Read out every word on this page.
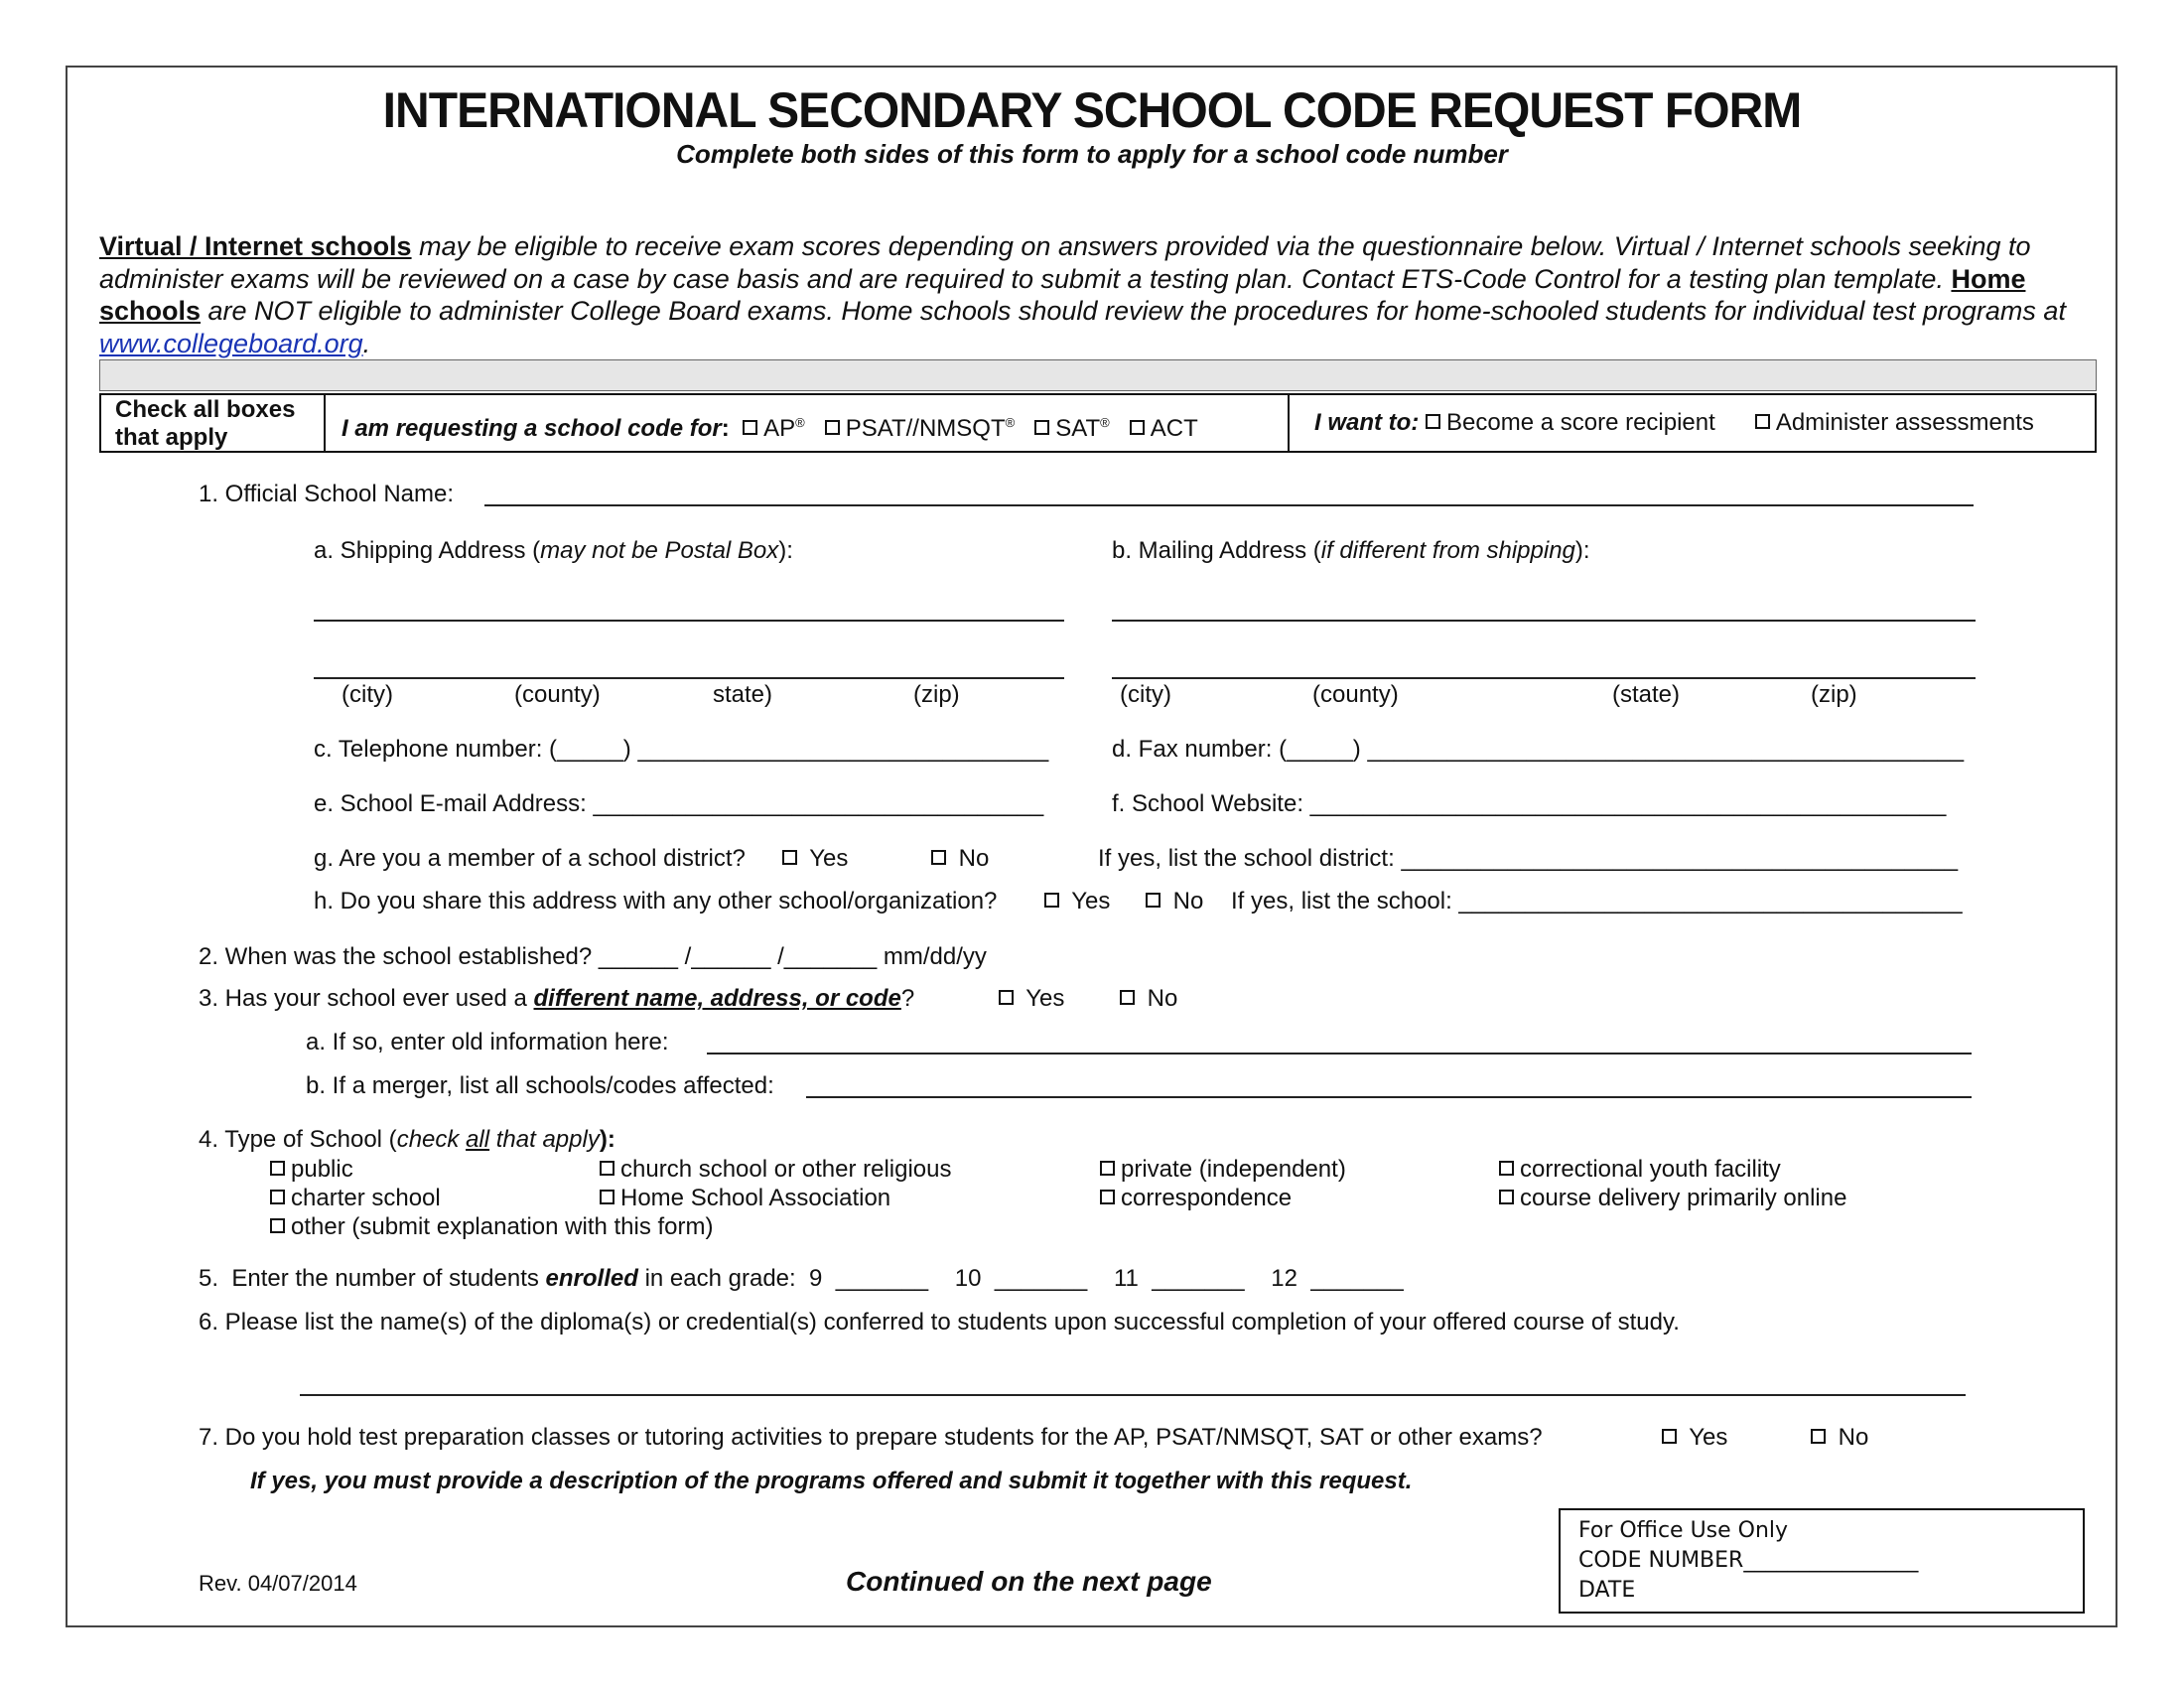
INTERNATIONAL SECONDARY SCHOOL CODE REQUEST FORM
Complete both sides of this form to apply for a school code number
Virtual / Internet schools may be eligible to receive exam scores depending on answers provided via the questionnaire below. Virtual / Internet schools seeking to administer exams will be reviewed on a case by case basis and are required to submit a testing plan. Contact ETS-Code Control for a testing plan template. Home schools are NOT eligible to administer College Board exams. Home schools should review the procedures for home-schooled students for individual test programs at www.collegeboard.org.
Check all boxes
that apply	I am requesting a school code for: AP® PSAT//NMSQT® SAT® ACT	I want to: Become a score recipient	Administer assessments
1. Official School Name:
a. Shipping Address (may not be Postal Box):	b. Mailing Address (if different from shipping):
(city)	(county)	state)	(zip)	(city)	(county)	(state)	(zip)
c. Telephone number: (_____) _______________________________	d. Fax number: (_____) _____________________________________________
e. School E-mail Address: __________________________________	f. School Website: ________________________________________________
g. Are you a member of a school district?	Yes	No	If yes, list the school district: __________________________________________
h. Do you share this address with any other school/organization?	Yes	No If yes, list the school: ______________________________________
2. When was the school established? ______ /______ /_______ mm/dd/yy
3. Has your school ever used a different name, address, or code?	Yes	No
a. If so, enter old information here:
b. If a merger, list all schools/codes affected:
4. Type of School (check all that apply):
public	church school or other religious	private (independent)	correctional youth facility
charter school	Home School Association	correspondence	course delivery primarily online
other (submit explanation with this form)
5.  Enter the number of students enrolled in each grade:  9  _______    10  _______    11  _______    12  _______
6. Please list the name(s) of the diploma(s) or credential(s) conferred to students upon successful completion of your offered course of study.
7. Do you hold test preparation classes or tutoring activities to prepare students for the AP, PSAT/NMSQT, SAT or other exams?	Yes	No
If yes, you must provide a description of the programs offered and submit it together with this request.
Rev. 04/07/2014	Continued on the next page
For Office Use Only
CODE NUMBER________________
DATE
